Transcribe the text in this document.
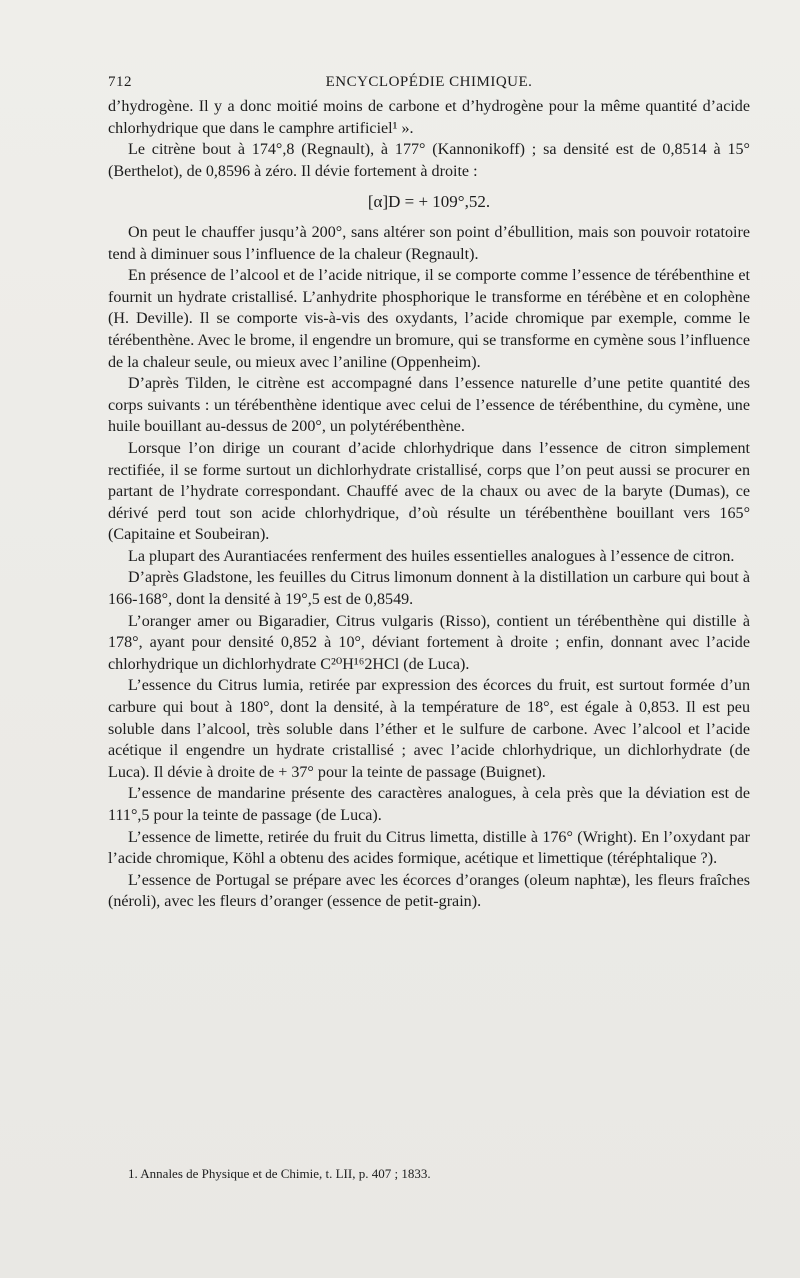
712	ENCYCLOPÉDIE CHIMIQUE.

d’hydrogène. Il y a donc moitié moins de carbone et d’hydrogène pour la même quantité d’acide chlorhydrique que dans le camphre artificiel¹ ».

Le citrène bout à 174°,8 (Regnault), à 177° (Kannonikoff) ; sa densité est de 0,8514 à 15° (Berthelot), de 0,8596 à zéro. Il dévie fortement à droite :

[α]D = + 109°,52.

On peut le chauffer jusqu’à 200°, sans altérer son point d’ébullition, mais son pouvoir rotatoire tend à diminuer sous l’influence de la chaleur (Regnault).

En présence de l’alcool et de l’acide nitrique, il se comporte comme l’essence de térébenthine et fournit un hydrate cristallisé. L’anhydrite phosphorique le transforme en térébène et en colophène (H. Deville). Il se comporte vis-à-vis des oxydants, l’acide chromique par exemple, comme le térébenthène. Avec le brome, il engendre un bromure, qui se transforme en cymène sous l’influence de la chaleur seule, ou mieux avec l’aniline (Oppenheim).

D’après Tilden, le citrène est accompagné dans l’essence naturelle d’une petite quantité des corps suivants : un térébenthène identique avec celui de l’essence de térébenthine, du cymène, une huile bouillant au-dessus de 200°, un polytérébenthène.

Lorsque l’on dirige un courant d’acide chlorhydrique dans l’essence de citron simplement rectifiée, il se forme surtout un dichlorhydrate cristallisé, corps que l’on peut aussi se procurer en partant de l’hydrate correspondant. Chauffé avec de la chaux ou avec de la baryte (Dumas), ce dérivé perd tout son acide chlorhydrique, d’où résulte un térébenthène bouillant vers 165° (Capitaine et Soubeiran).

La plupart des Aurantiacées renferment des huiles essentielles analogues à l’essence de citron.

D’après Gladstone, les feuilles du Citrus limonum donnent à la distillation un carbure qui bout à 166-168°, dont la densité à 19°,5 est de 0,8549.

L’oranger amer ou Bigaradier, Citrus vulgaris (Risso), contient un térébenthène qui distille à 178°, ayant pour densité 0,852 à 10°, déviant fortement à droite ; enfin, donnant avec l’acide chlorhydrique un dichlorhydrate C²⁰H¹⁶2HCl (de Luca).

L’essence du Citrus lumia, retirée par expression des écorces du fruit, est surtout formée d’un carbure qui bout à 180°, dont la densité, à la température de 18°, est égale à 0,853. Il est peu soluble dans l’alcool, très soluble dans l’éther et le sulfure de carbone. Avec l’alcool et l’acide acétique il engendre un hydrate cristallisé ; avec l’acide chlorhydrique, un dichlorhydrate (de Luca). Il dévie à droite de + 37° pour la teinte de passage (Buignet).

L’essence de mandarine présente des caractères analogues, à cela près que la déviation est de 111°,5 pour la teinte de passage (de Luca).

L’essence de limette, retirée du fruit du Citrus limetta, distille à 176° (Wright). En l’oxydant par l’acide chromique, Köhl a obtenu des acides formique, acétique et limettique (téréphtalique ?).

L’essence de Portugal se prépare avec les écorces d’oranges (oleum naphtæ), les fleurs fraîches (néroli), avec les fleurs d’oranger (essence de petit-grain).

1. Annales de Physique et de Chimie, t. LII, p. 407 ; 1833.
